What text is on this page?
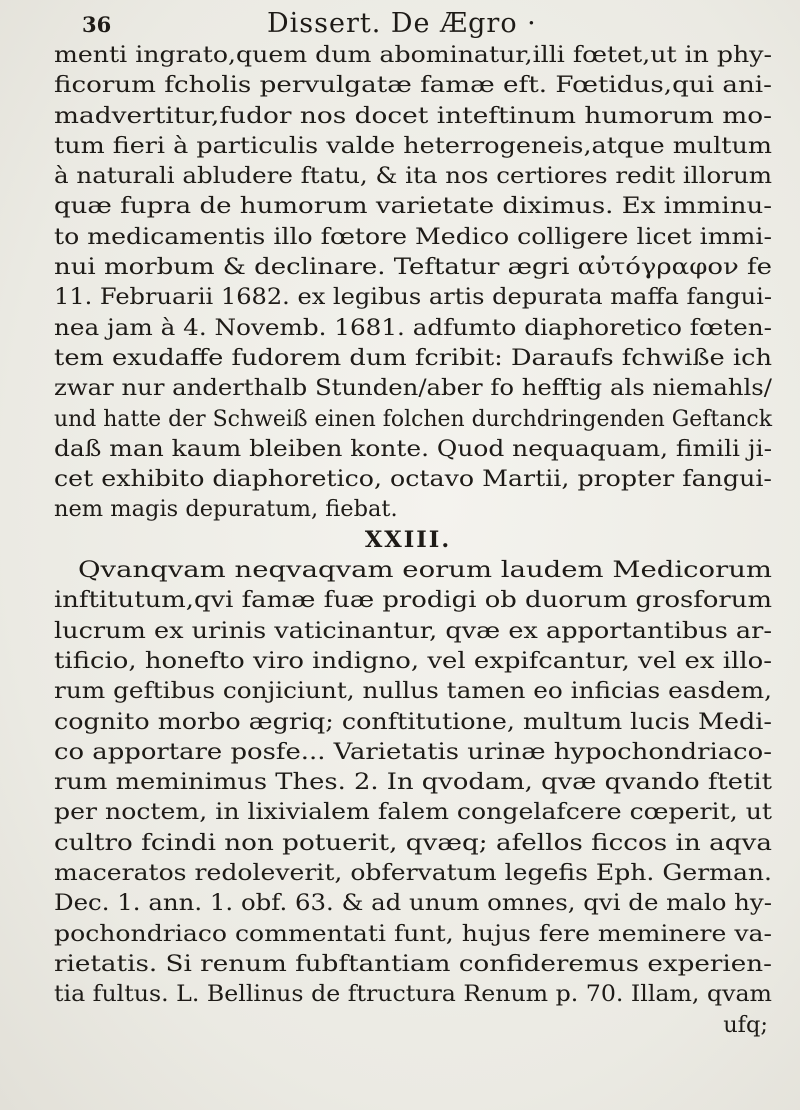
36	Dissert. De Ægro ·
menti ingrato,quem dum abominatur,illi fœtet,ut in phy-
ficorum fcholis pervulgatæ famæ eft. Fœtidus,qui ani-
madvertitur,fudor nos docet inteftinum humorum mo-
tum fieri à particulis valde heterrogeneis,atque multum
à naturali abludere ftatu, & ita nos certiores redit illorum
quæ fupra de humorum varietate diximus. Ex imminu-
to medicamentis illo fœtore Medico colligere licet immi-
nui morbum & declinare. Teftatur ægri αὐτόγραφον fe
11. Februarii 1682. ex legibus artis depurata maffa fangui-
nea jam à 4. Novemb. 1681. adfumto diaphoretico fœten-
tem exudaffe fudorem dum fcribit: Daraufs fchwiße ich
zwar nur anderthalb Stunden/aber fo hefftig als niemahls/
und hatte der Schweiß einen folchen durchdringenden Geftanck
daß man kaum bleiben konte. Quod nequaquam, fimili ji-
cet exhibito diaphoretico, octavo Martii, propter fangui-
nem magis depuratum, fiebat.
XXIII.
Qvanqvam neqvaqvam eorum laudem Medicorum
inftitutum,qvi famæ fuæ prodigi ob duorum grosforum
lucrum ex urinis vaticinantur, qvæ ex apportantibus ar-
tificio, honefto viro indigno, vel expifcantur, vel ex illo-
rum geftibus conjiciunt, nullus tamen eo inficias easdem,
cognito morbo ægriq; conftitutione, multum lucis Medi-
co apportare posfe... Varietatis urinæ hypochondriaco-
rum meminimus Thes. 2. In qvodam, qvæ qvando ftetit
per noctem, in lixivialem falem congelafcere cœperit, ut
cultro fcindi non potuerit, qvæq; afellos ficcos in aqva
maceratos redoleverit, obfervatum legefis Eph. German.
Dec. 1. ann. 1. obf. 63. & ad unum omnes, qvi de malo hy-
pochondriaco commentati funt, hujus fere meminere va-
rietatis. Si renum fubftantiam confideremus experien-
tia fultus. L. Bellinus de ftructura Renum p. 70. Illam, qvam
ufq;
